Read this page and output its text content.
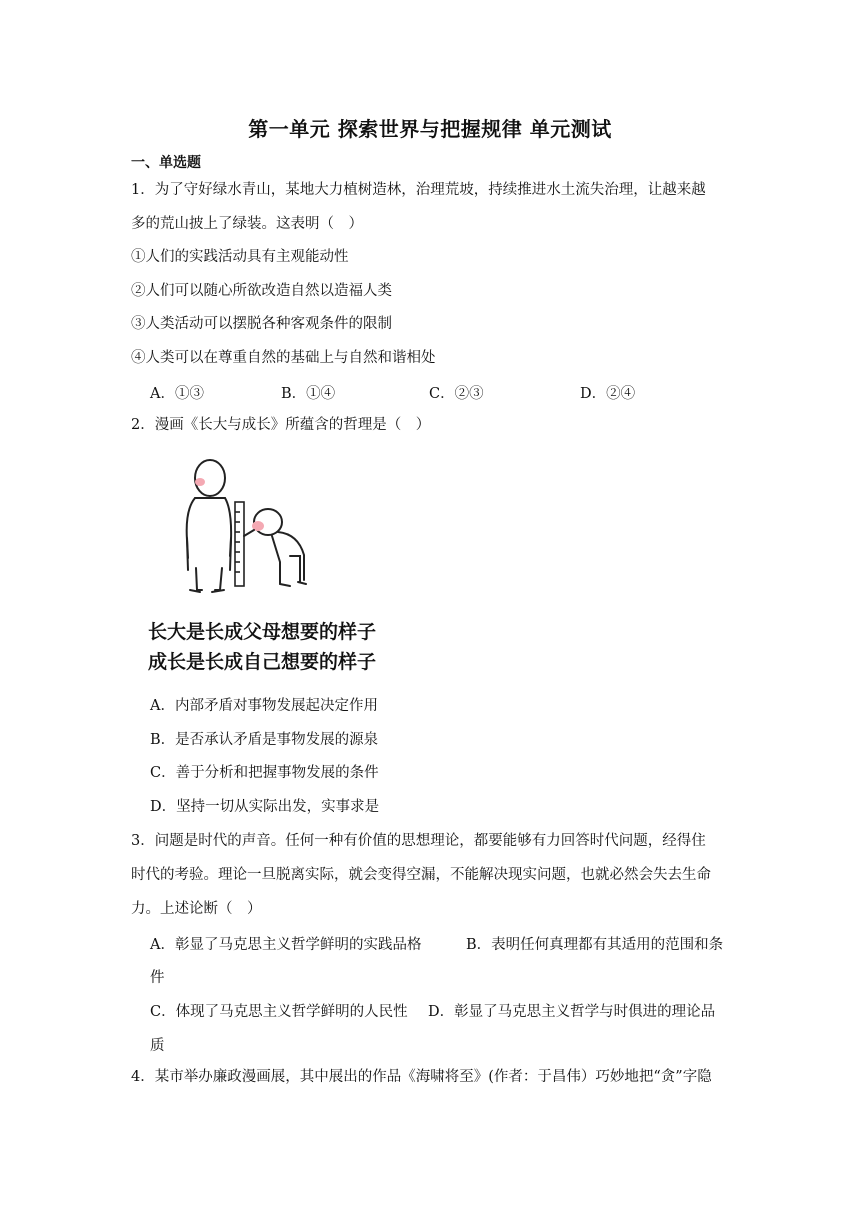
第一单元 探索世界与把握规律 单元测试
一、单选题
1．为了守好绿水青山，某地大力植树造林，治理荒坡，持续推进水土流失治理，让越来越
多的荒山披上了绿装。这表明（　）
①人们的实践活动具有主观能动性
②人们可以随心所欲改造自然以造福人类
③人类活动可以摆脱各种客观条件的限制
④人类可以在尊重自然的基础上与自然和谐相处
A．①③	B．①④	C．②③	D．②④
2．漫画《长大与成长》所蕴含的哲理是（　）
长大是长成父母想要的样子
成长是长成自己想要的样子
A．内部矛盾对事物发展起决定作用
B．是否承认矛盾是事物发展的源泉
C．善于分析和把握事物发展的条件
D．坚持一切从实际出发，实事求是
3．问题是时代的声音。任何一种有价值的思想理论，都要能够有力回答时代问题，经得住
时代的考验。理论一旦脱离实际，就会变得空漏，不能解决现实问题，也就必然会失去生命
力。上述论断（　）
A．彰显了马克思主义哲学鲜明的实践品格	B．表明任何真理都有其适用的范围和条
件
C．体现了马克思主义哲学鲜明的人民性 D．彰显了马克思主义哲学与时俱进的理论品
质
4．某市举办廉政漫画展，其中展出的作品《海啸将至》(作者：于昌伟）巧妙地把“贪”字隐
